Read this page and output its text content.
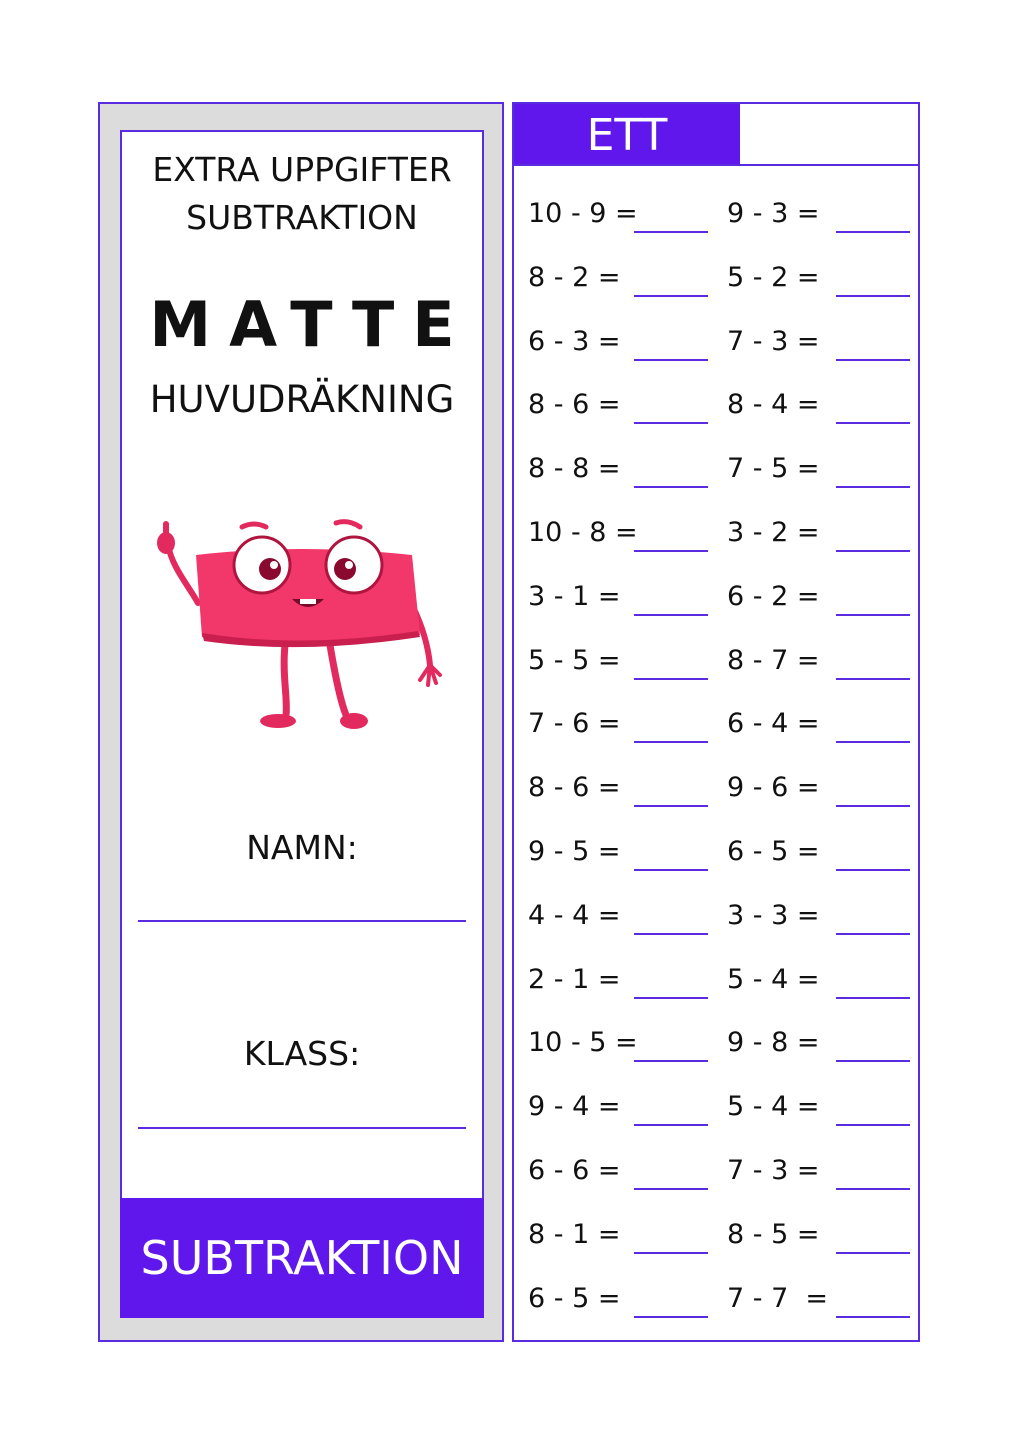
EXTRA UPPGIFTER
SUBTRAKTION
MATTE
HUVUDRÄKNING
NAMN:
KLASS:
SUBTRAKTION
ETT
10 - 9 =
8 - 2 =
6 - 3 =
8 - 6 =
8 - 8 =
10 - 8 =
3 - 1 =
5 - 5 =
7 - 6 =
8 - 6 =
9 - 5 =
4 - 4 =
2 - 1 =
10 - 5 =
9 - 4 =
6 - 6 =
8 - 1 =
6 - 5 =
9 - 3 =
5 - 2 =
7 - 3 =
8 - 4 =
7 - 5 =
3 - 2 =
6 - 2 =
8 - 7 =
6 - 4 =
9 - 6 =
6 - 5 =
3 - 3 =
5 - 4 =
9 - 8 =
5 - 4 =
7 - 3 =
8 - 5 =
7 - 7  =
